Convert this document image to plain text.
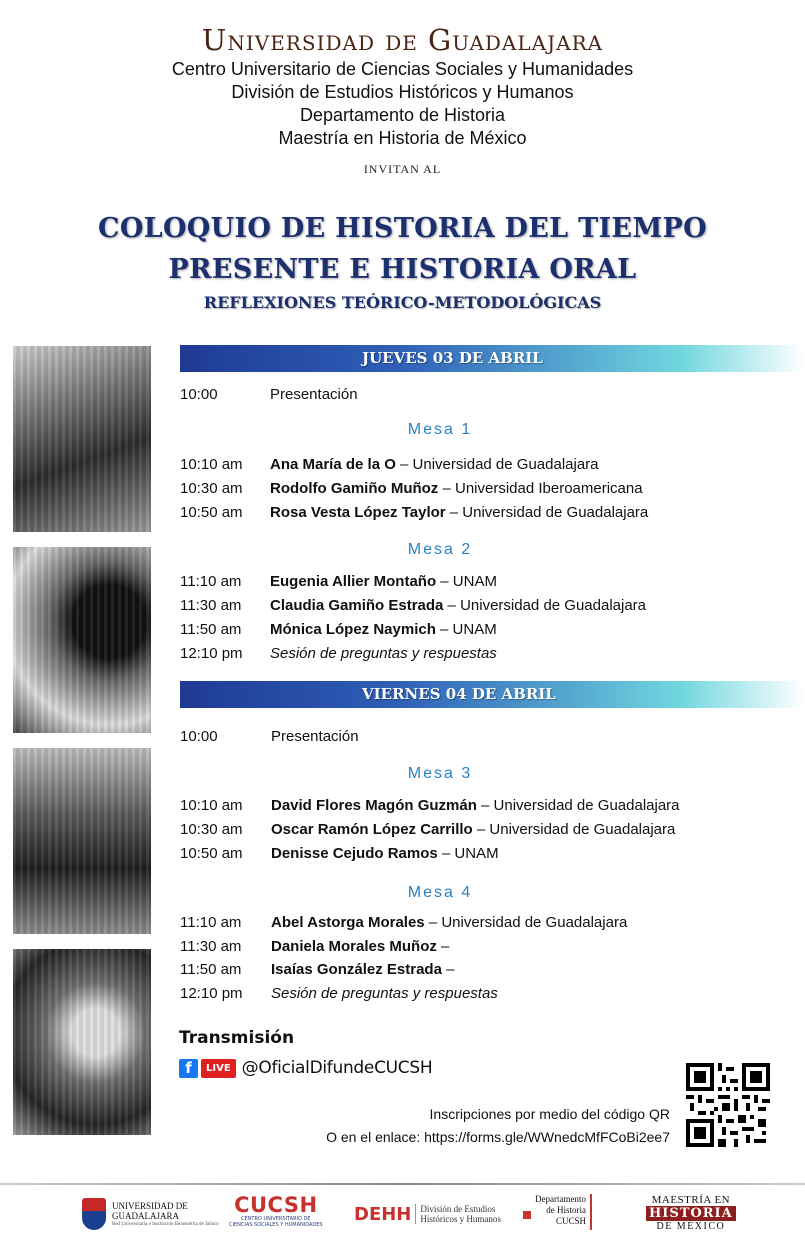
Universidad de Guadalajara
Centro Universitario de Ciencias Sociales y Humanidades
División de Estudios Históricos y Humanos
Departamento de Historia
Maestría en Historia de México
INVITAN AL
COLOQUIO DE HISTORIA DEL TIEMPO
PRESENTE E HISTORIA ORAL
REFLEXIONES TEÓRICO-METODOLÓGICAS
JUEVES 03 DE ABRIL
10:00	Presentación
Mesa 1
10:10 am Ana María de la O – Universidad de Guadalajara
10:30 am Rodolfo Gamiño Muñoz – Universidad Iberoamericana
10:50 am Rosa Vesta López Taylor – Universidad de Guadalajara
Mesa 2
11:10 am Eugenia Allier Montaño – UNAM
11:30 am Claudia Gamiño Estrada – Universidad de Guadalajara
11:50 am Mónica López Naymich – UNAM
12:10 pm Sesión de preguntas y respuestas
VIERNES 04 DE ABRIL
10:00	Presentación
Mesa 3
10:10 am David Flores Magón Guzmán – Universidad de Guadalajara
10:30 am Oscar Ramón López Carrillo – Universidad de Guadalajara
10:50 am Denisse Cejudo Ramos – UNAM
Mesa 4
11:10 am Abel Astorga Morales – Universidad de Guadalajara
11:30 am Daniela Morales Muñoz –
11:50 am Isaías González Estrada –
12:10 pm Sesión de preguntas y respuestas
Transmisión
f	LIVE @OficialDifundeCUCSH
Inscripciones por medio del código QR
O en el enlace: https://forms.gle/WWnedcMfFCoBi2ee7
UNIVERSIDAD DE
GUADALAJARA
Red Universitaria e Institución Benemérita de Jalisco
CUCSH
CENTRO UNIVERSITARIO DE
CIENCIAS SOCIALES Y HUMANIDADES
DEHH División de Estudios
Históricos y Humanos
Departamento
de Historia
CUCSH
MAESTRÍA EN
HISTORIA
DE MÉXICO
